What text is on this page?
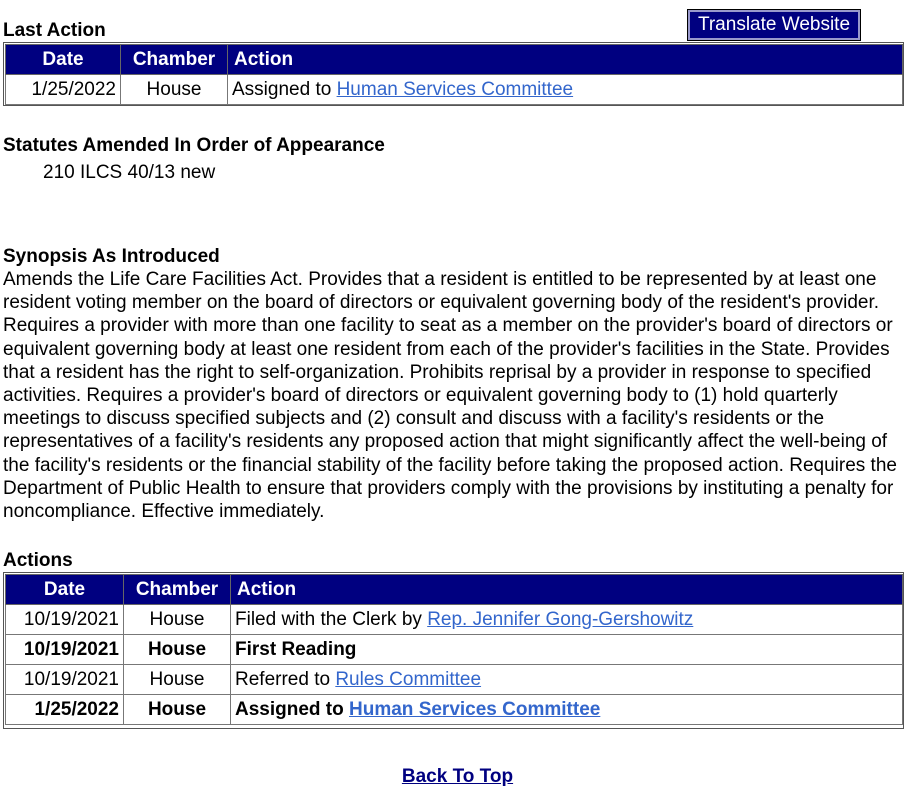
Translate Website
Last Action
Date	Chamber	Action
1/25/2022	House	Assigned to Human Services Committee
Statutes Amended In Order of Appearance
210 ILCS 40/13 new
Synopsis As Introduced
Amends the Life Care Facilities Act. Provides that a resident is entitled to be represented by at least one resident voting member on the board of directors or equivalent governing body of the resident's provider. Requires a provider with more than one facility to seat as a member on the provider's board of directors or equivalent governing body at least one resident from each of the provider's facilities in the State. Provides that a resident has the right to self-organization. Prohibits reprisal by a provider in response to specified activities. Requires a provider's board of directors or equivalent governing body to (1) hold quarterly meetings to discuss specified subjects and (2) consult and discuss with a facility's residents or the representatives of a facility's residents any proposed action that might significantly affect the well-being of the facility's residents or the financial stability of the facility before taking the proposed action. Requires the Department of Public Health to ensure that providers comply with the provisions by instituting a penalty for noncompliance. Effective immediately.
Actions
Date	Chamber	Action
10/19/2021	House	Filed with the Clerk by Rep. Jennifer Gong-Gershowitz
10/19/2021	House	First Reading
10/19/2021	House	Referred to Rules Committee
1/25/2022	House	Assigned to Human Services Committee
Back To Top
